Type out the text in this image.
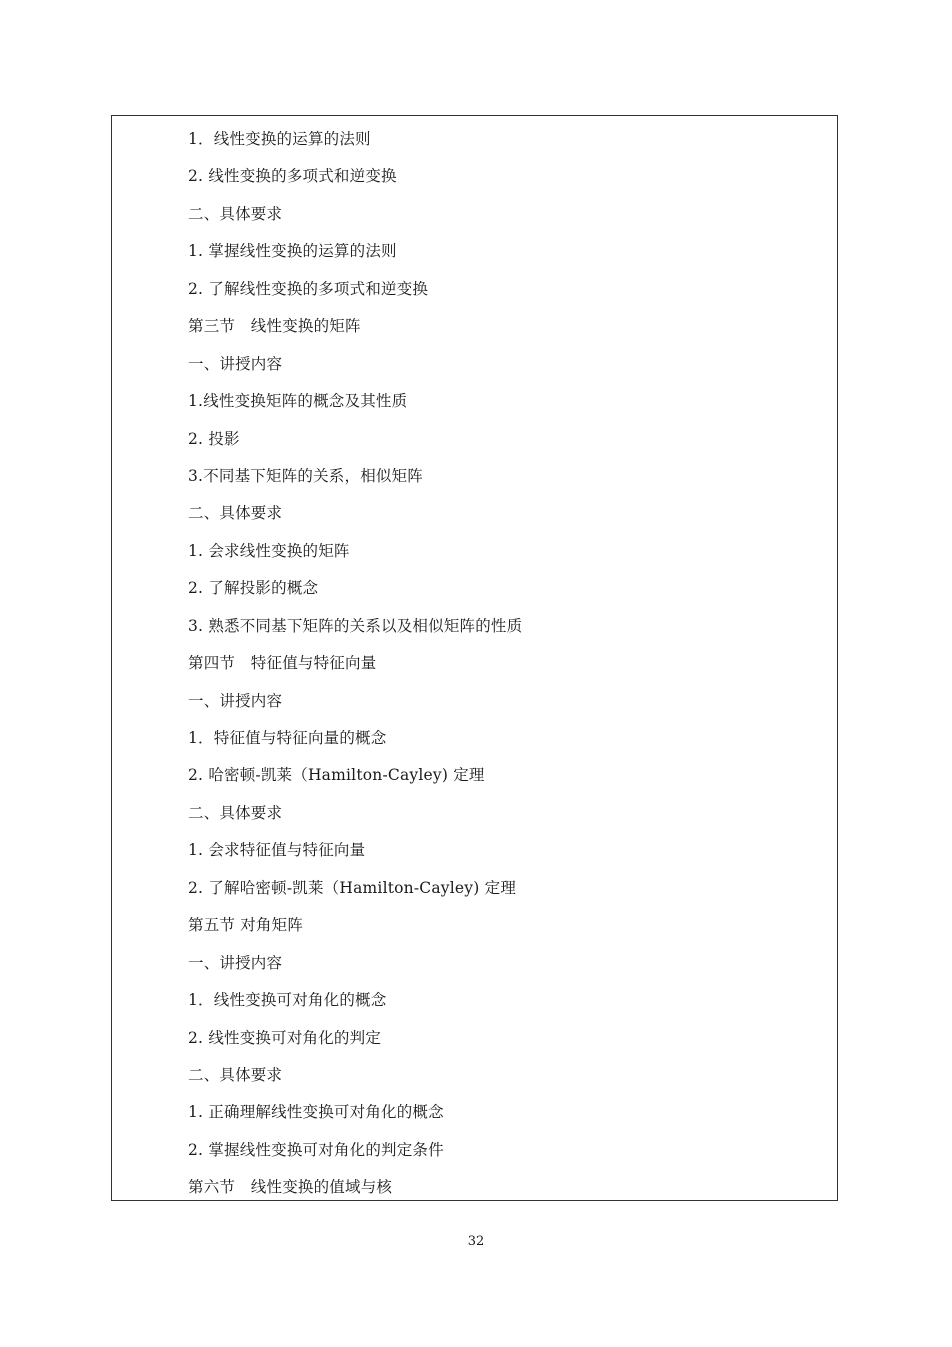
1．线性变换的运算的法则
2. 线性变换的多项式和逆变换
二、具体要求
1. 掌握线性变换的运算的法则
2. 了解线性变换的多项式和逆变换
第三节　线性变换的矩阵
一、讲授内容
1.线性变换矩阵的概念及其性质
2. 投影
3.不同基下矩阵的关系，相似矩阵
二、具体要求
1. 会求线性变换的矩阵
2. 了解投影的概念
3. 熟悉不同基下矩阵的关系以及相似矩阵的性质
第四节　特征值与特征向量
一、讲授内容
1．特征值与特征向量的概念
2. 哈密顿-凯莱（Hamilton-Cayley) 定理
二、具体要求
1. 会求特征值与特征向量
2. 了解哈密顿-凯莱（Hamilton-Cayley) 定理
第五节 对角矩阵
一、讲授内容
1．线性变换可对角化的概念
2. 线性变换可对角化的判定
二、具体要求
1. 正确理解线性变换可对角化的概念
2. 掌握线性变换可对角化的判定条件
第六节　线性变换的值域与核
32
